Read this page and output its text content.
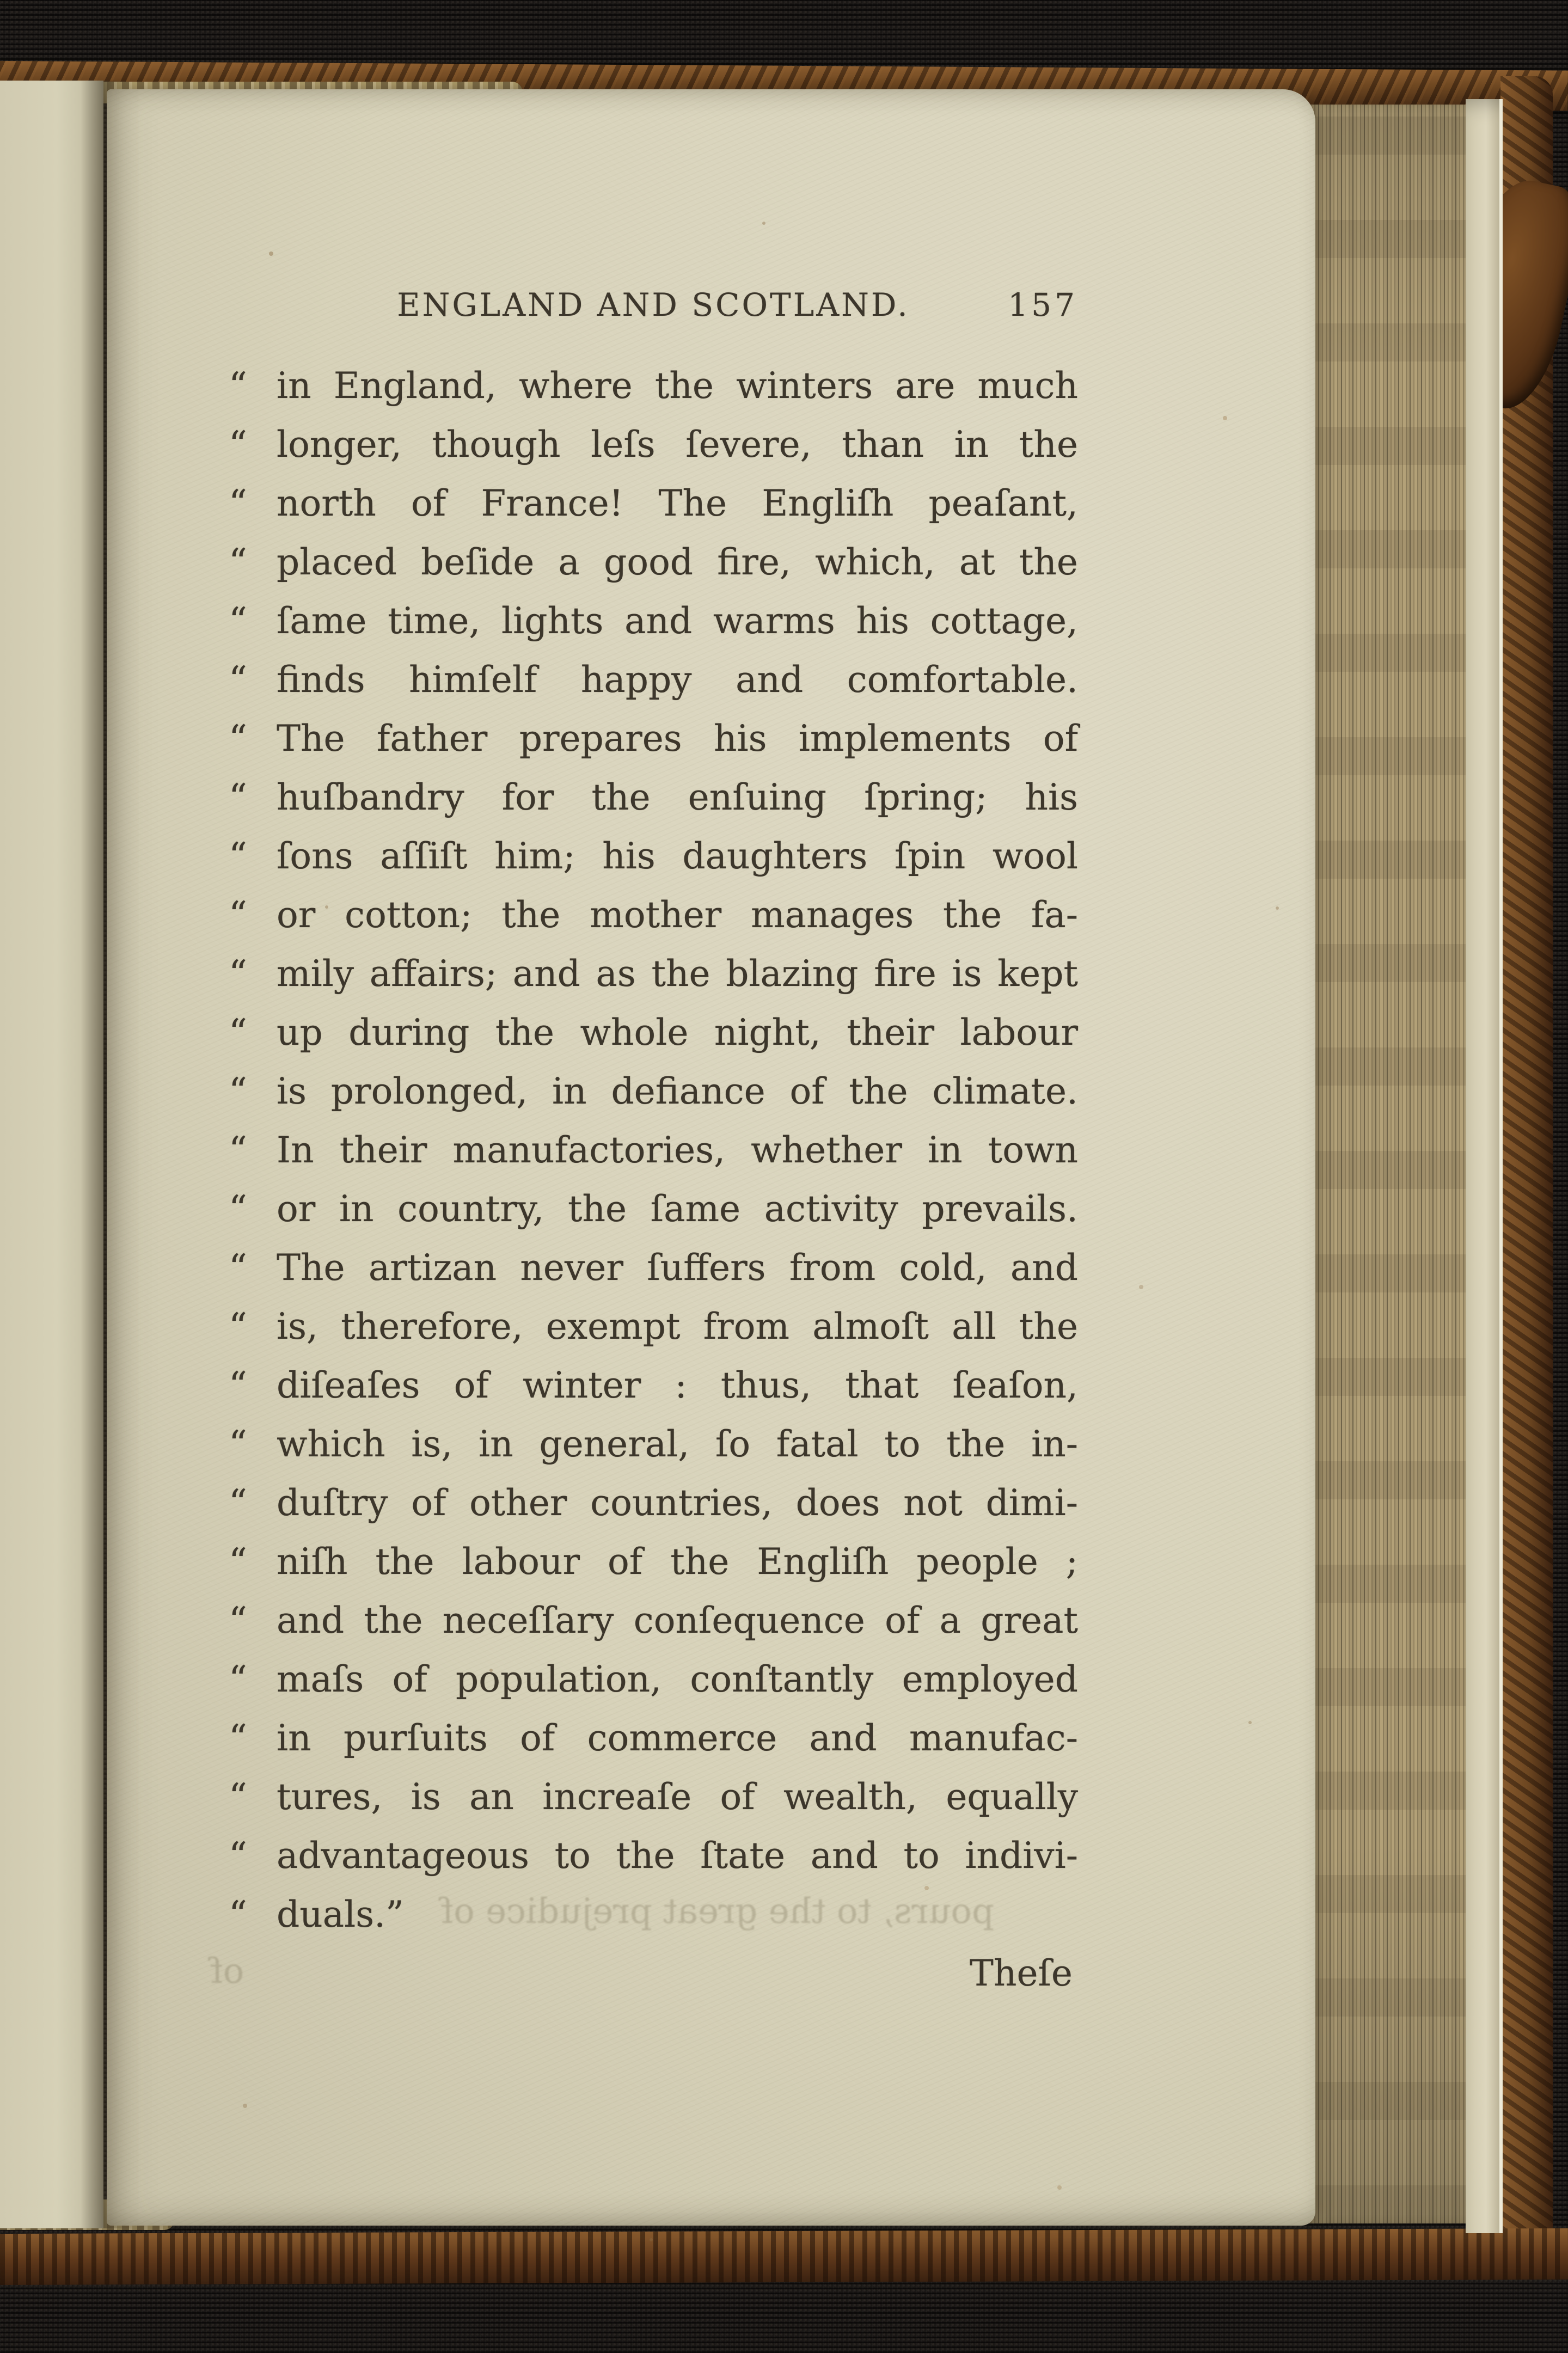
ENGLAND AND SCOTLAND.	157
“ in England, where the winters are much
“ longer, though leſs ſevere, than in the
“ north of France! The Engliſh peaſant,
“ placed beſide a good fire, which, at the
“ ſame time, lights and warms his cottage,
“ finds himſelf happy and comfortable.
“ The father prepares his implements of
“ huſbandry for the enſuing ſpring; his
“ ſons aſſiſt him; his daughters ſpin wool
“ or cotton; the mother manages the fa-
“ mily affairs; and as the blazing fire is kept
“ up during the whole night, their labour
“ is prolonged, in defiance of the climate.
“ In their manufactories, whether in town
“ or in country, the ſame activity prevails.
“ The artizan never ſuffers from cold, and
“ is, therefore, exempt from almoſt all the
“ diſeaſes of winter : thus, that ſeaſon,
“ which is, in general, ſo fatal to the in-
“ duſtry of other countries, does not dimi-
“ niſh the labour of the Engliſh people ;
“ and the neceſſary conſequence of a great
“ maſs of population, conſtantly employed
“ in purſuits of commerce and manufac-
“ tures, is an increaſe of wealth, equally
“ advantageous to the ſtate and to indivi-
“ duals.”
Theſe
pours, to the great prejudice of
of
